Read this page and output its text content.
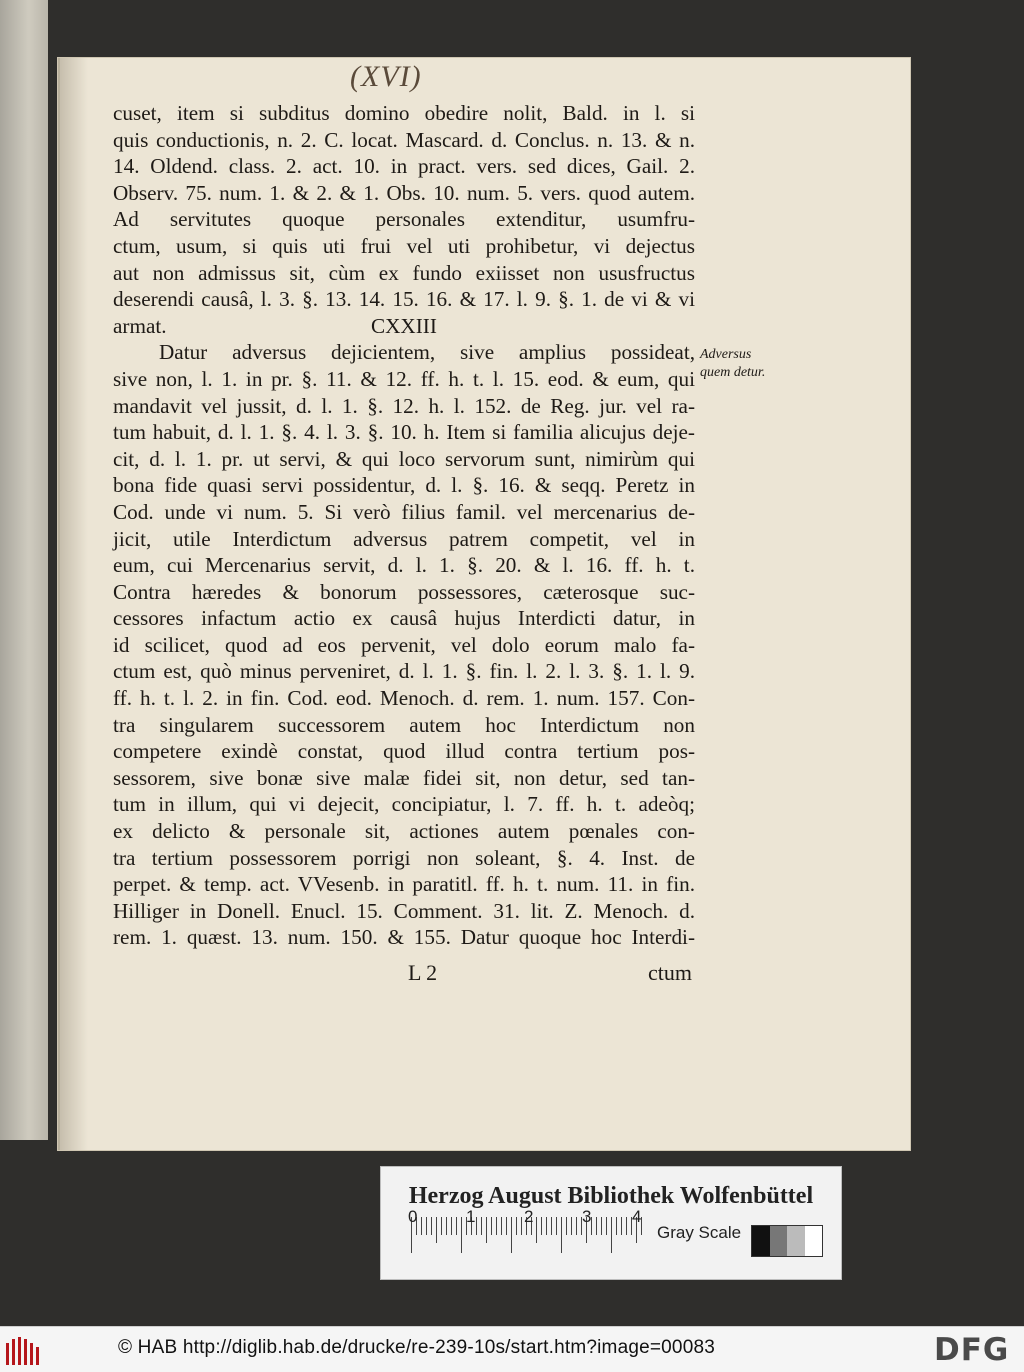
(XVI)
cuset, item si subditus domino obedire nolit, Bald. in l. si
quis conductionis, n. 2. C. locat. Mascard. d. Conclus. n. 13. & n.
14. Oldend. class. 2. act. 10. in pract. vers. sed dices, Gail. 2.
Observ. 75. num. 1. & 2. & 1. Obs. 10. num. 5. vers. quod autem.
Ad servitutes quoque personales extenditur, usumfru-
ctum, usum, si quis uti frui vel uti prohibetur, vi dejectus
aut non admissus sit, cùm ex fundo exiisset non ususfructus
deserendi causâ, l. 3. §. 13. 14. 15. 16. & 17. l. 9. §. 1. de vi & vi
armat.	CXXIII
Datur adversus dejicientem, sive amplius possideat,
sive non, l. 1. in pr. §. 11. & 12. ff. h. t. l. 15. eod. & eum, qui
mandavit vel jussit, d. l. 1. §. 12. h. l. 152. de Reg. jur. vel ra-
tum habuit, d. l. 1. §. 4. l. 3. §. 10. h. Item si familia alicujus deje-
cit, d. l. 1. pr. ut servi, & qui loco servorum sunt, nimirùm qui
bona fide quasi servi possidentur, d. l. §. 16. & seqq. Peretz in
Cod. unde vi num. 5. Si verò filius famil. vel mercenarius de-
jicit, utile Interdictum adversus patrem competit, vel in
eum, cui Mercenarius servit, d. l. 1. §. 20. & l. 16. ff. h. t.
Contra hæredes & bonorum possessores, cæterosque suc-
cessores infactum actio ex causâ hujus Interdicti datur, in
id scilicet, quod ad eos pervenit, vel dolo eorum malo fa-
ctum est, quò minus perveniret, d. l. 1. §. fin. l. 2. l. 3. §. 1. l. 9.
ff. h. t. l. 2. in fin. Cod. eod. Menoch. d. rem. 1. num. 157. Con-
tra singularem successorem autem hoc Interdictum non
competere exindè constat, quod illud contra tertium pos-
sessorem, sive bonæ sive malæ fidei sit, non detur, sed tan-
tum in illum, qui vi dejecit, concipiatur, l. 7. ff. h. t. adeòq;
ex delicto & personale sit, actiones autem pœnales con-
tra tertium possessorem porrigi non soleant, §. 4. Inst. de
perpet. & temp. act. VVesenb. in paratitl. ff. h. t. num. 11. in fin.
Hilliger in Donell. Enucl. 15. Comment. 31. lit. Z. Menoch. d.
rem. 1. quæst. 13. num. 150. & 155. Datur quoque hoc Interdi-
Adversus
quem detur.
L 2	ctum
Herzog August Bibliothek Wolfenbüttel
0	1	2	3 4
Gray Scale
© HAB http://diglib.hab.de/drucke/re-239-10s/start.htm?image=00083	DFG
